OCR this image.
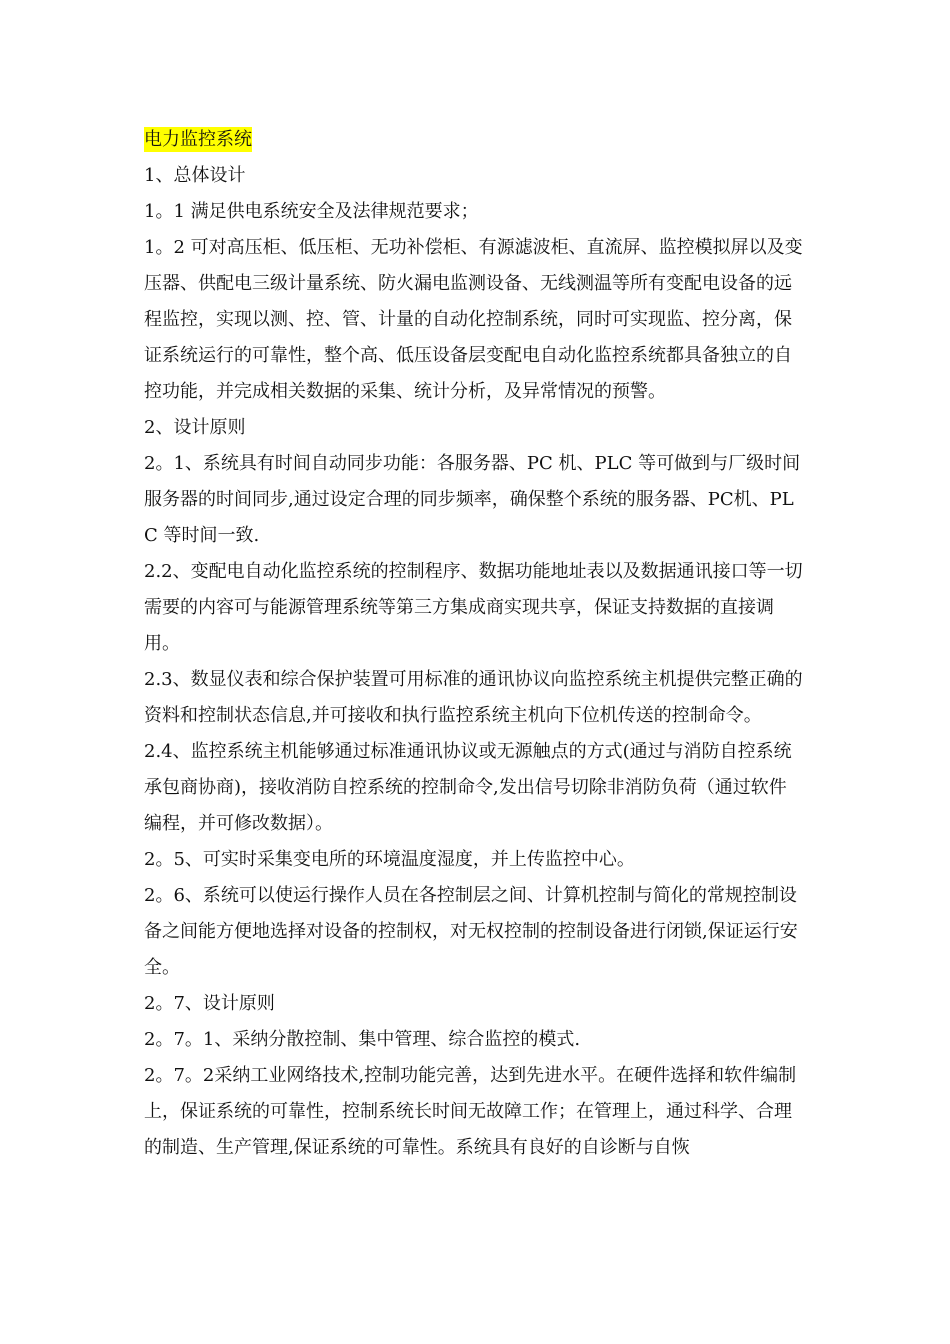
电力监控系统

1、总体设计

1。1 满足供电系统安全及法律规范要求；

1。2 可对高压柜、低压柜、无功补偿柜、有源滤波柜、直流屏、监控模拟屏以及变压器、供配电三级计量系统、防火漏电监测设备、无线测温等所有变配电设备的远程监控，实现以测、控、管、计量的自动化控制系统，同时可实现监、控分离，保证系统运行的可靠性，整个高、低压设备层变配电自动化监控系统都具备独立的自控功能，并完成相关数据的采集、统计分析，及异常情况的预警。

2、设计原则

2。1、系统具有时间自动同步功能：各服务器、PC 机、PLC 等可做到与厂级时间服务器的时间同步,通过设定合理的同步频率，确保整个系统的服务器、PC机、PLC 等时间一致.

2.2、变配电自动化监控系统的控制程序、数据功能地址表以及数据通讯接口等一切需要的内容可与能源管理系统等第三方集成商实现共享，保证支持数据的直接调用。

2.3、数显仪表和综合保护装置可用标准的通讯协议向监控系统主机提供完整正确的资料和控制状态信息,并可接收和执行监控系统主机向下位机传送的控制命令。

2.4、监控系统主机能够通过标准通讯协议或无源触点的方式(通过与消防自控系统承包商协商)，接收消防自控系统的控制命令,发出信号切除非消防负荷（通过软件编程，并可修改数据）。

2。5、可实时采集变电所的环境温度湿度，并上传监控中心。

2。6、系统可以使运行操作人员在各控制层之间、计算机控制与简化的常规控制设备之间能方便地选择对设备的控制权，对无权控制的控制设备进行闭锁,保证运行安全。

2。7、设计原则

2。7。1、采纳分散控制、集中管理、综合监控的模式.

2。7。2采纳工业网络技术,控制功能完善，达到先进水平。在硬件选择和软件编制上，保证系统的可靠性，控制系统长时间无故障工作；在管理上，通过科学、合理的制造、生产管理,保证系统的可靠性。系统具有良好的自诊断与自恢
